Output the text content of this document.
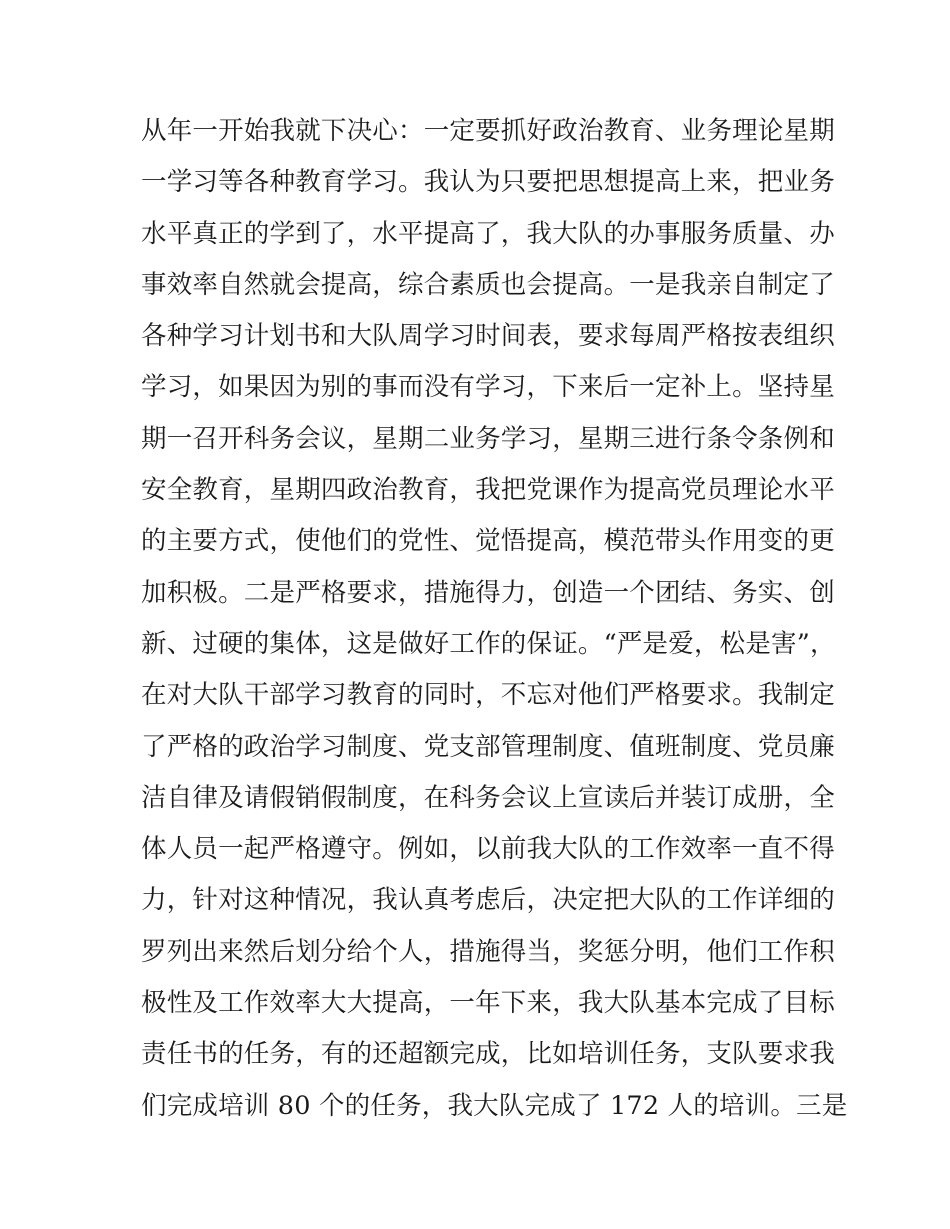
从年一开始我就下决心：一定要抓好政治教育、业务理论星期
一学习等各种教育学习。我认为只要把思想提高上来，把业务
水平真正的学到了，水平提高了，我大队的办事服务质量、办
事效率自然就会提高，综合素质也会提高。一是我亲自制定了
各种学习计划书和大队周学习时间表，要求每周严格按表组织
学习，如果因为别的事而没有学习，下来后一定补上。坚持星
期一召开科务会议，星期二业务学习，星期三进行条令条例和
安全教育，星期四政治教育，我把党课作为提高党员理论水平
的主要方式，使他们的党性、觉悟提高，模范带头作用变的更
加积极。二是严格要求，措施得力，创造一个团结、务实、创
新、过硬的集体，这是做好工作的保证。“严是爱，松是害”，
在对大队干部学习教育的同时，不忘对他们严格要求。我制定
了严格的政治学习制度、党支部管理制度、值班制度、党员廉
洁自律及请假销假制度，在科务会议上宣读后并装订成册，全
体人员一起严格遵守。例如，以前我大队的工作效率一直不得
力，针对这种情况，我认真考虑后，决定把大队的工作详细的
罗列出来然后划分给个人，措施得当，奖惩分明，他们工作积
极性及工作效率大大提高，一年下来，我大队基本完成了目标
责任书的任务，有的还超额完成，比如培训任务，支队要求我
们完成培训 80 个的任务，我大队完成了 172 人的培训。三是
